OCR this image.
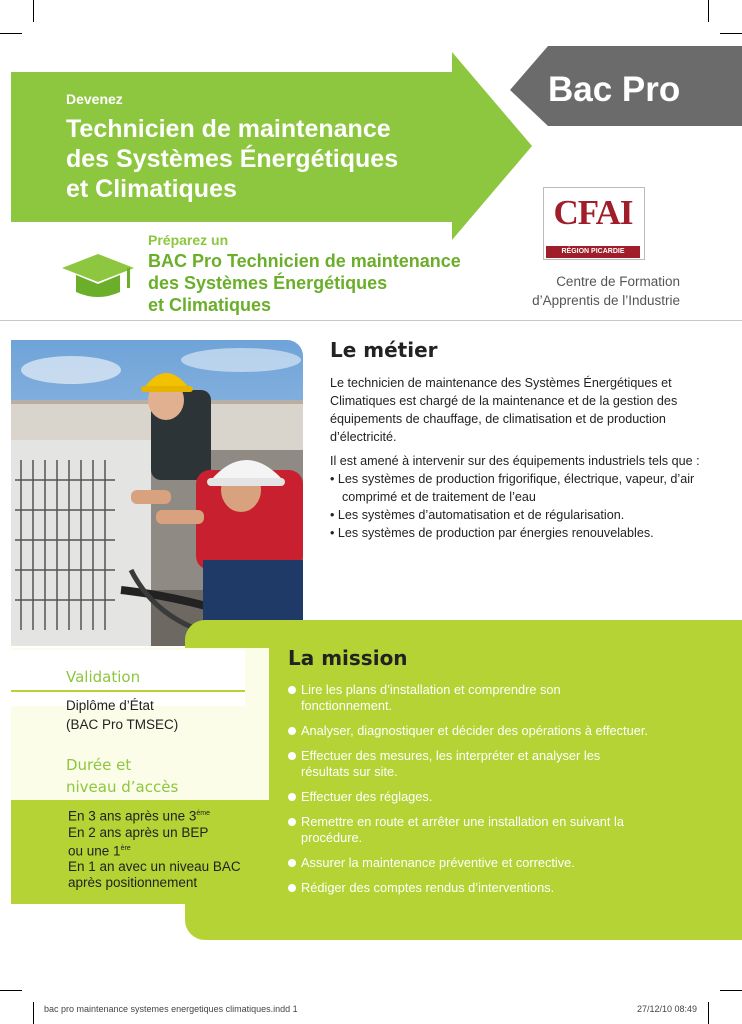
Devenez
Technicien de maintenance
des Systèmes Énergétiques
et Climatiques
Bac Pro
Préparez un
BAC Pro Technicien de maintenance
des Systèmes Énergétiques
et Climatiques
CFAI
RÉGION PICARDIE
Centre de Formation
d’Apprentis de l’Industrie
Le métier

Le technicien de maintenance des Systèmes Énergétiques et Climatiques est chargé de la maintenance et de la gestion des équipements de chauffage, de climatisation et de production d’électricité.

Il est amené à intervenir sur des équipements industriels tels que :
• Les systèmes de production frigorifique, électrique, vapeur, d’air comprimé et de traitement de l’eau
• Les systèmes d’automatisation et de régularisation.
• Les systèmes de production par énergies renouvelables.
La mission
Lire les plans d’installation et comprendre son fonctionnement.
Analyser, diagnostiquer et décider des opérations à effectuer.
Effectuer des mesures, les interpréter et analyser les résultats sur site.
Effectuer des réglages.
Remettre en route et arrêter une installation en suivant la procédure.
Assurer la maintenance préventive et corrective.
Rédiger des comptes rendus d’interventions.
Validation
Diplôme d’État
(BAC Pro TMSEC)
Durée et
niveau d’accès
En 3 ans après une $3^{éme}$
En 2 ans après un BEP
ou une 1ère
En 1 an avec un niveau BAC
après positionnement
bac pro maintenance systemes energetiques climatiques.indd 1	27/12/10 08:49
